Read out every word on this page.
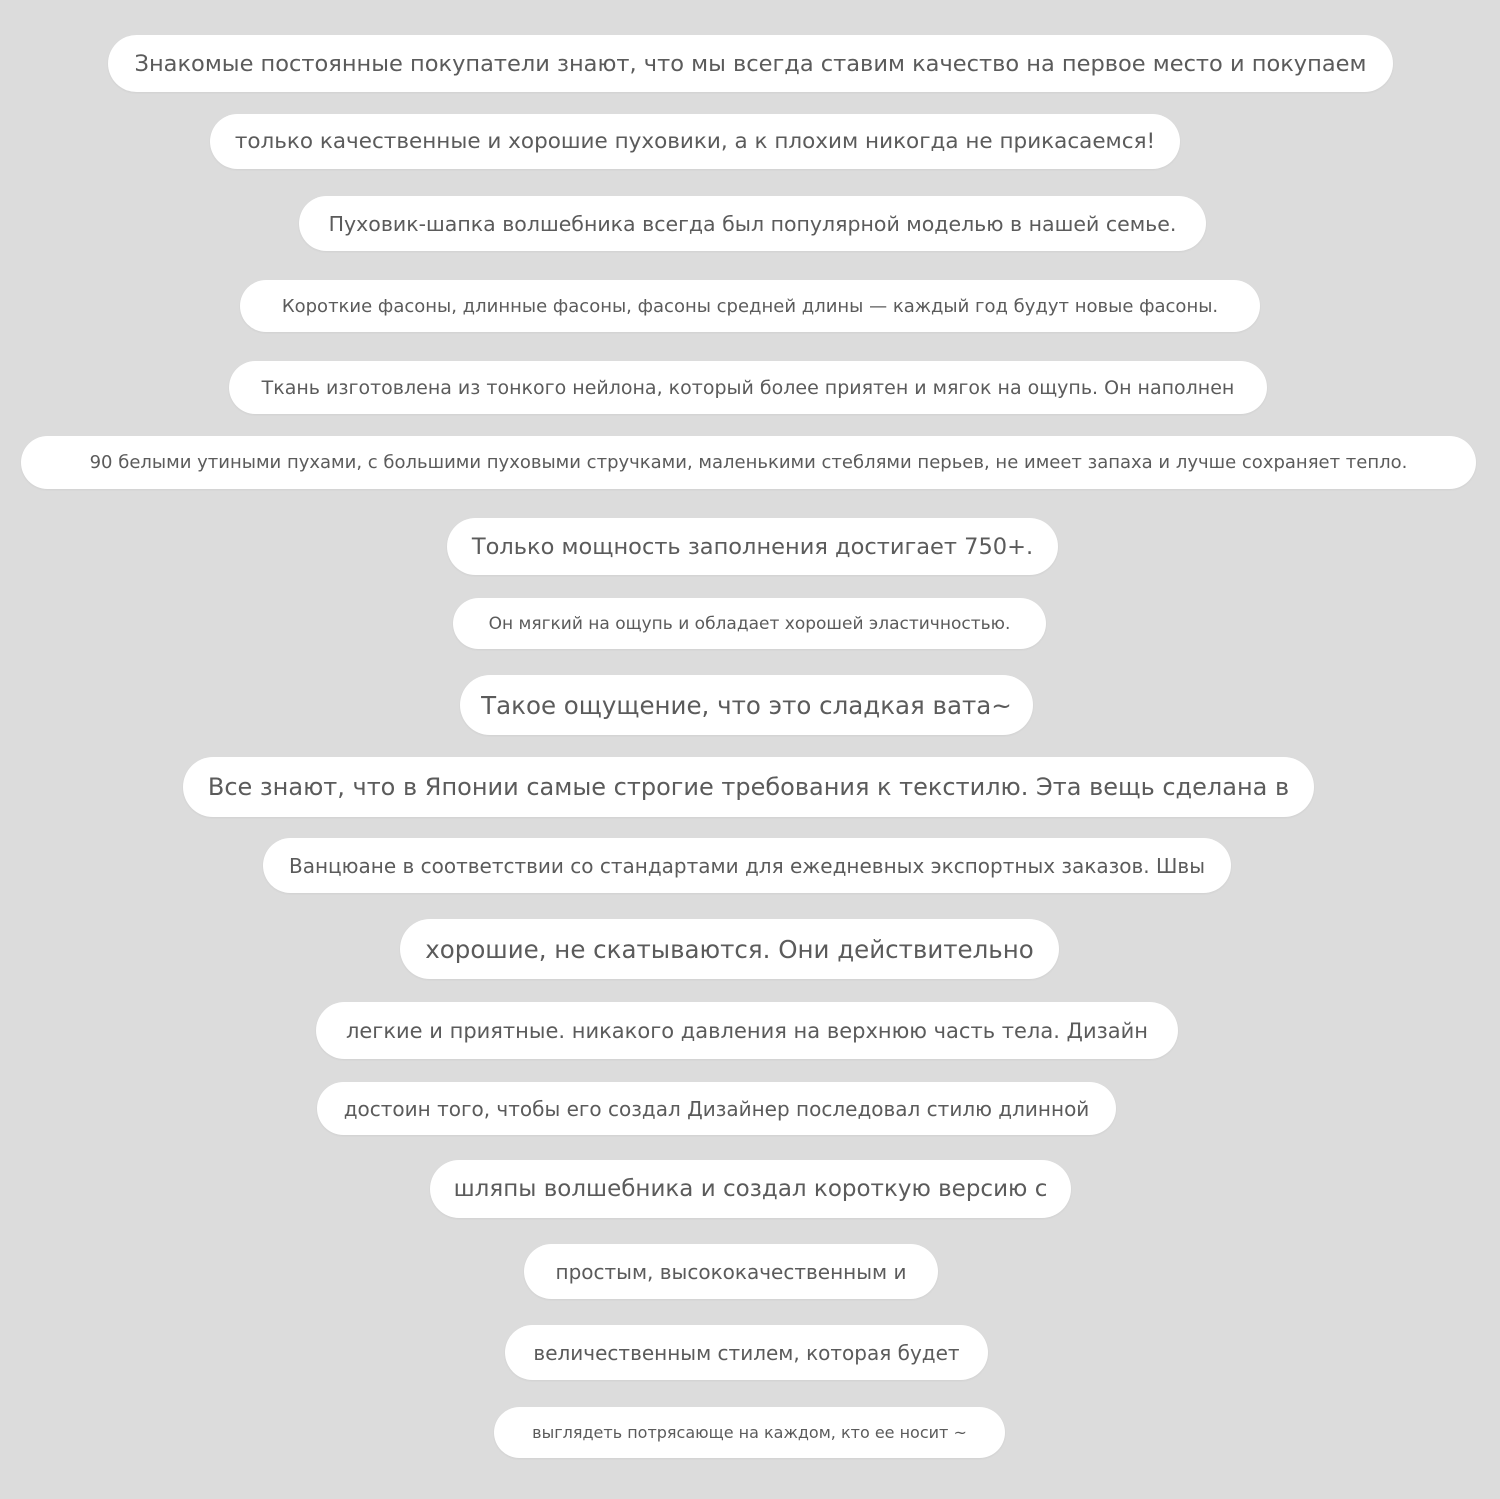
Знакомые постоянные покупатели знают, что мы всегда ставим качество на первое место и покупаем
только качественные и хорошие пуховики, а к плохим никогда не прикасаемся!
Пуховик-шапка волшебника всегда был популярной моделью в нашей семье.
Короткие фасоны, длинные фасоны, фасоны средней длины — каждый год будут новые фасоны.
Ткань изготовлена из тонкого нейлона, который более приятен и мягок на ощупь. Он наполнен
90 белыми утиными пухами, с большими пуховыми стручками, маленькими стеблями перьев, не имеет запаха и лучше сохраняет тепло.
Только мощность заполнения достигает 750+.
Он мягкий на ощупь и обладает хорошей эластичностью.
Такое ощущение, что это сладкая вата~
Все знают, что в Японии самые строгие требования к текстилю. Эта вещь сделана в
Ванцюане в соответствии со стандартами для ежедневных экспортных заказов. Швы
хорошие, не скатываются. Они действительно
легкие и приятные. никакого давления на верхнюю часть тела. Дизайн
достоин того, чтобы его создал Дизайнер последовал стилю длинной
шляпы волшебника и создал короткую версию с
простым, высококачественным и
величественным стилем, которая будет
выглядеть потрясающе на каждом, кто ее носит ~
